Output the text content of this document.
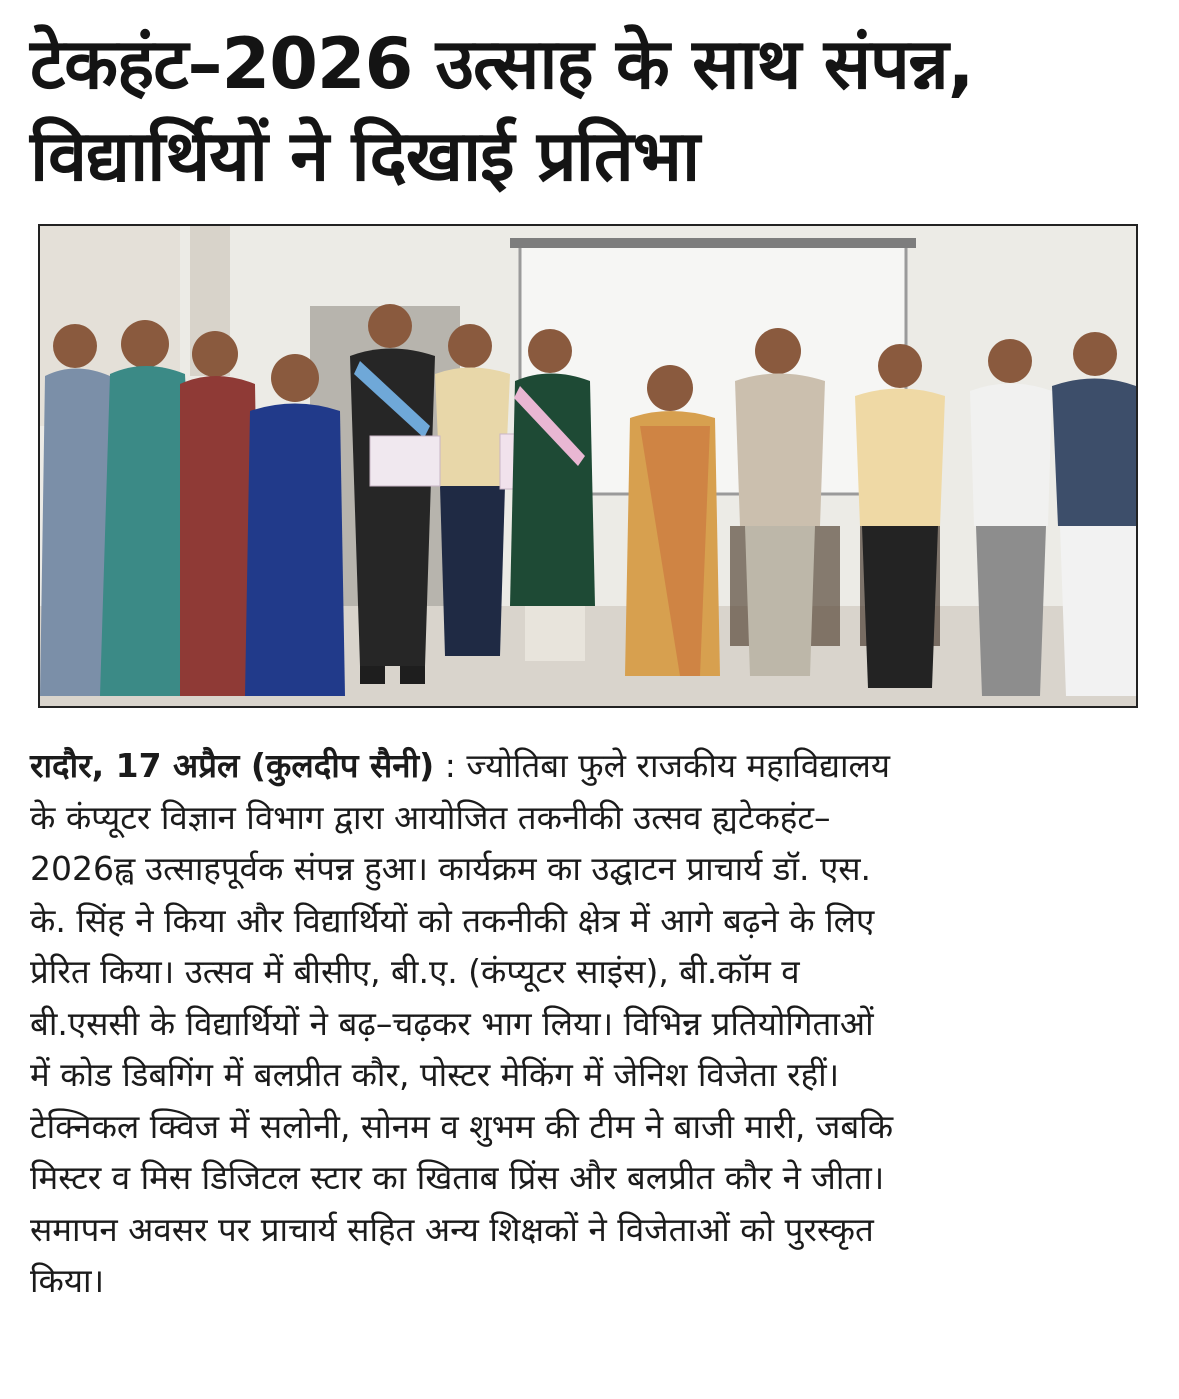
टेकहंट–2026 उत्साह के साथ संपन्न,
विद्यार्थियों ने दिखाई प्रतिभा
रादौर, 17 अप्रैल (कुलदीप सैनी) : ज्योतिबा फुले राजकीय महाविद्यालय
के कंप्यूटर विज्ञान विभाग द्वारा आयोजित तकनीकी उत्सव ह्यटेकहंट–
2026ह्व उत्साहपूर्वक संपन्न हुआ। कार्यक्रम का उद्घाटन प्राचार्य डॉ. एस.
के. सिंह ने किया और विद्यार्थियों को तकनीकी क्षेत्र में आगे बढ़ने के लिए
प्रेरित किया। उत्सव में बीसीए, बी.ए. (कंप्यूटर साइंस), बी.कॉम व
बी.एससी के विद्यार्थियों ने बढ़–चढ़कर भाग लिया। विभिन्न प्रतियोगिताओं
में कोड डिबगिंग में बलप्रीत कौर, पोस्टर मेकिंग में जेनिश विजेता रहीं।
टेक्निकल क्विज में सलोनी, सोनम व शुभम की टीम ने बाजी मारी, जबकि
मिस्टर व मिस डिजिटल स्टार का खिताब प्रिंस और बलप्रीत कौर ने जीता।
समापन अवसर पर प्राचार्य सहित अन्य शिक्षकों ने विजेताओं को पुरस्कृत
किया।
